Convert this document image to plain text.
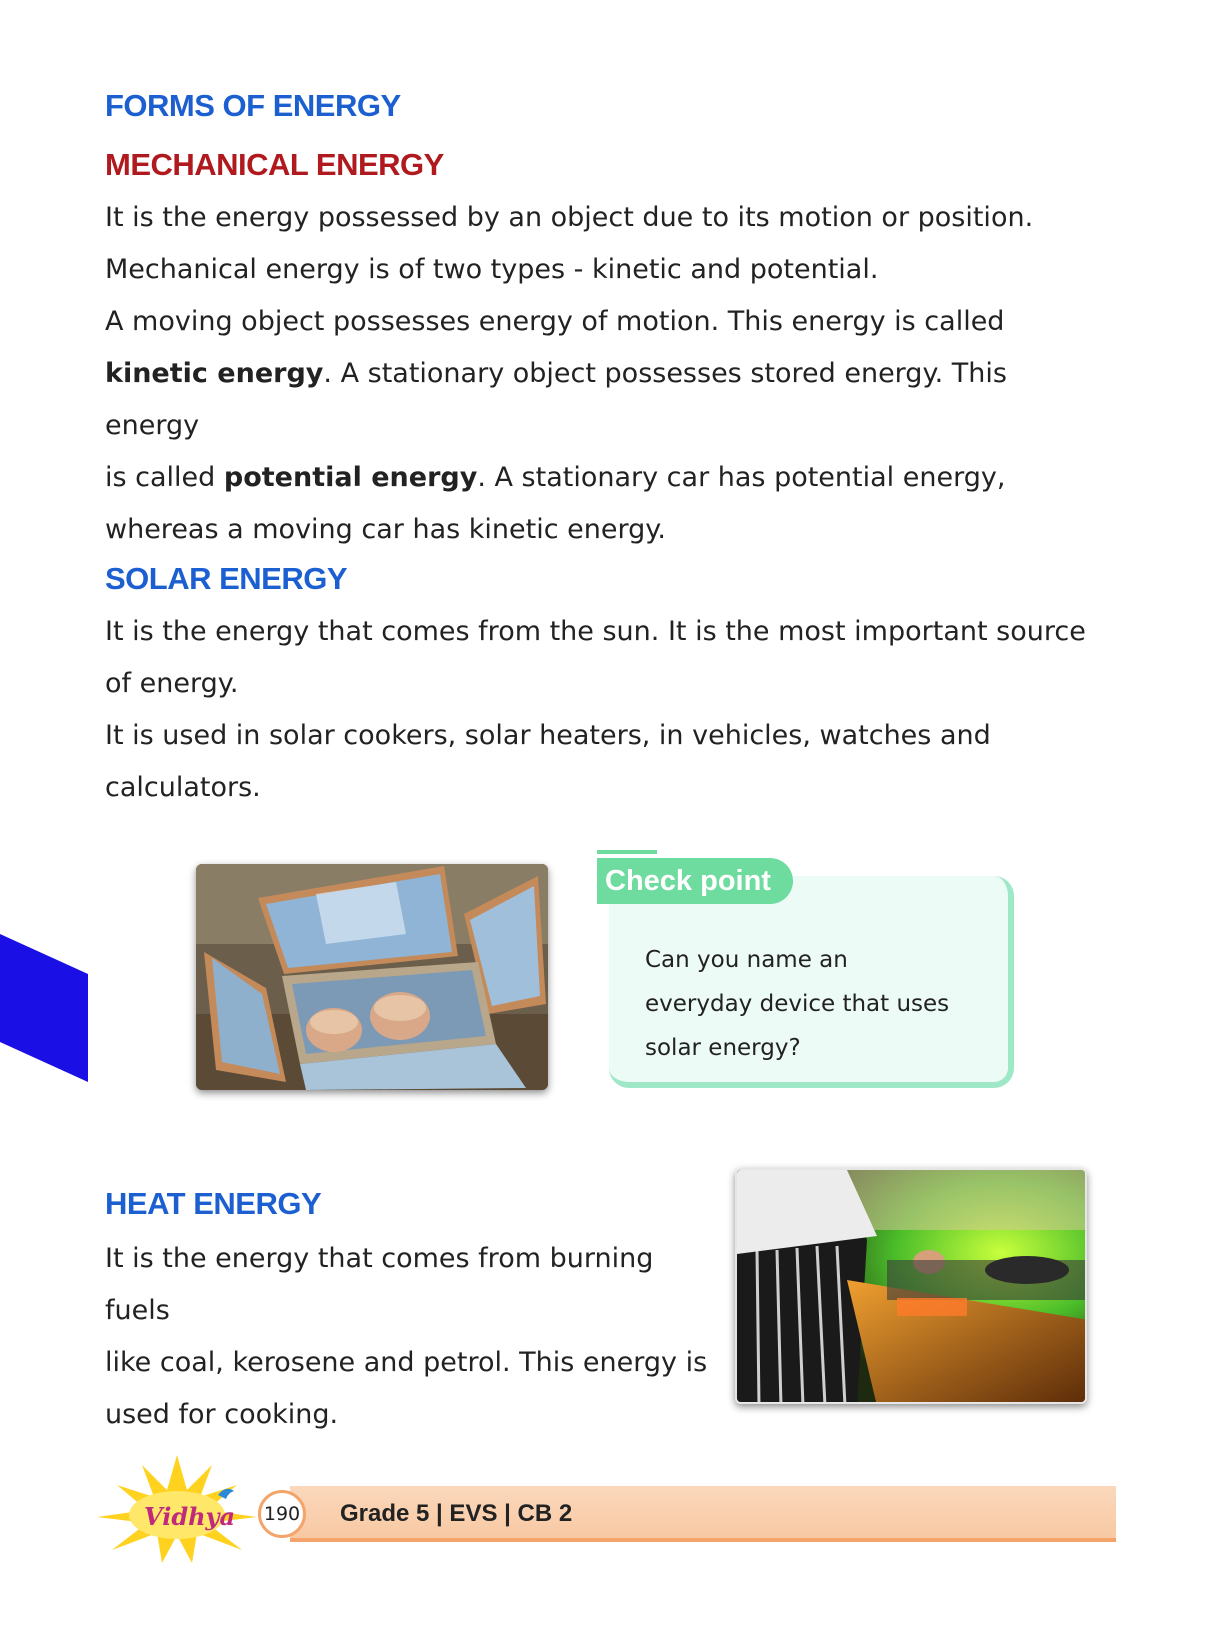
FORMS OF ENERGY
MECHANICAL ENERGY
It is the energy possessed by an object due to its motion or position.
Mechanical energy is of two types - kinetic and potential.
A moving object possesses energy of motion. This energy is called
kinetic energy. A stationary object possesses stored energy. This energy
is called potential energy. A stationary car has potential energy,
whereas a moving car has kinetic energy.
SOLAR ENERGY
It is the energy that comes from the sun. It is the most important source
of energy.
It is used in solar cookers, solar heaters, in vehicles, watches and
calculators.
Check point
Can you name an
everyday device that uses
solar energy?
HEAT ENERGY
It is the energy that comes from burning fuels
like coal, kerosene and petrol. This energy is
used for cooking.
190 Grade 5 | EVS | CB 2
Vidhya
